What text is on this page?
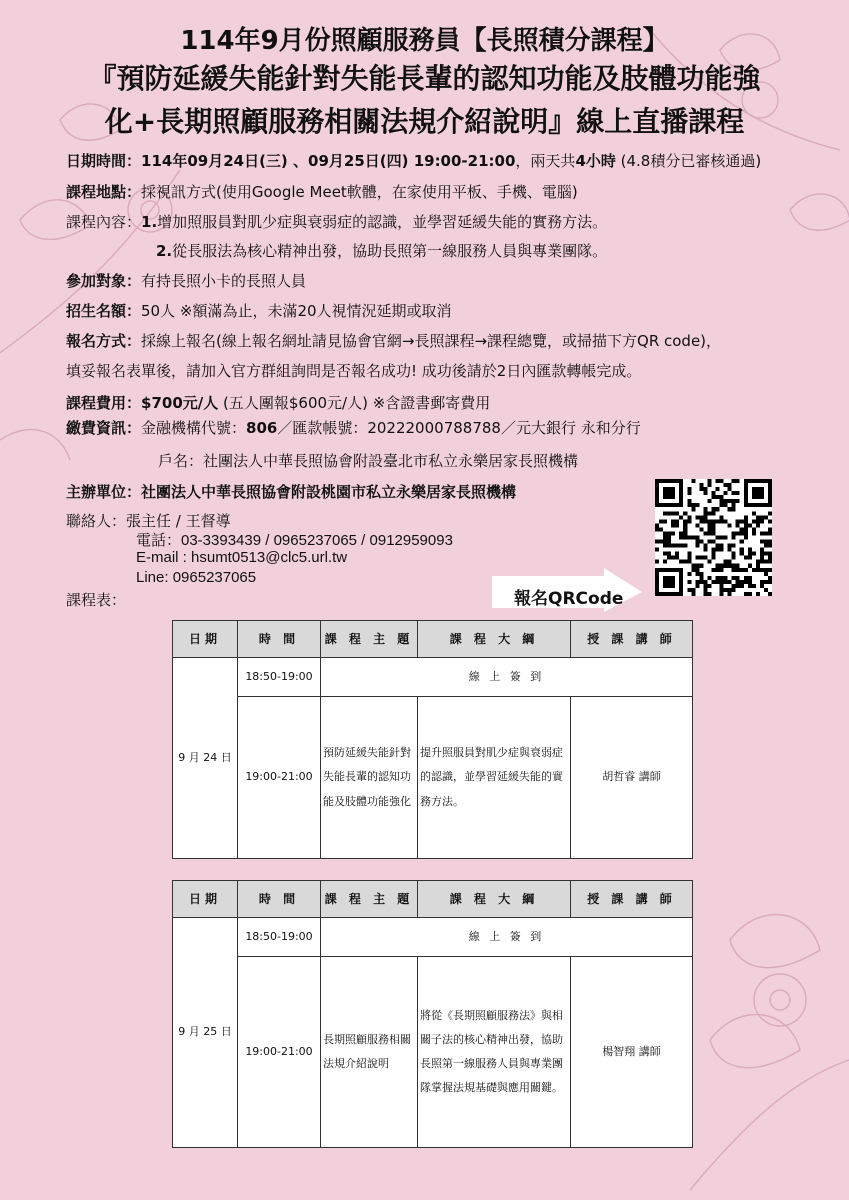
114年9月份照顧服務員【長照積分課程】
『預防延緩失能針對失能長輩的認知功能及肢體功能強
化+長期照顧服務相關法規介紹說明』線上直播課程
日期時間：114年09月24日(三) 、09月25日(四) 19:00-21:00，兩天共4小時 (4.8積分已審核通過)
課程地點：採視訊方式(使用Google Meet軟體，在家使用平板、手機、電腦)
課程內容：1.增加照服員對肌少症與衰弱症的認識，並學習延緩失能的實務方法。
2.從長服法為核心精神出發，協助長照第一線服務人員與專業團隊。
參加對象：有持長照小卡的長照人員
招生名額：50人 ※額滿為止，未滿20人視情況延期或取消
報名方式：採線上報名(線上報名網址請見協會官網→長照課程→課程總覽，或掃描下方QR code)，
填妥報名表單後，請加入官方群組詢問是否報名成功! 成功後請於2日內匯款轉帳完成。
課程費用：$700元/人 (五人團報$600元/人) ※含證書郵寄費用
繳費資訊：金融機構代號：806／匯款帳號：20222000788788／元大銀行 永和分行
戶名：社團法人中華長照協會附設臺北市私立永樂居家長照機構
主辦單位：社團法人中華長照協會附設桃園市私立永樂居家長照機構
聯絡人：張主任 / 王督導
電話：03-3393439 / 0965237065 / 0912959093
E-mail : hsumt0513@clc5.url.tw
Line: 0965237065
課程表：	報名QRCode
日期	時 間	課 程 主 題	課 程 大 綱	授 課 講 師
9 月 24 日	18:50-19:00	線 上 簽 到		
	19:00-21:00	預防延緩失能針對失能長輩的認知功能及肢體功能強化	提升照服員對肌少症與衰弱症的認識，並學習延緩失能的實務方法。	胡哲睿 講師
日期	時 間	課 程 主 題	課 程 大 綱	授 課 講 師
9 月 25 日	18:50-19:00	線 上 簽 到		
	19:00-21:00	長期照顧服務相關法規介紹說明	將從《長期照顧服務法》與相關子法的核心精神出發，協助長照第一線服務人員與專業團隊掌握法規基礎與應用關鍵。	楊智翔 講師
